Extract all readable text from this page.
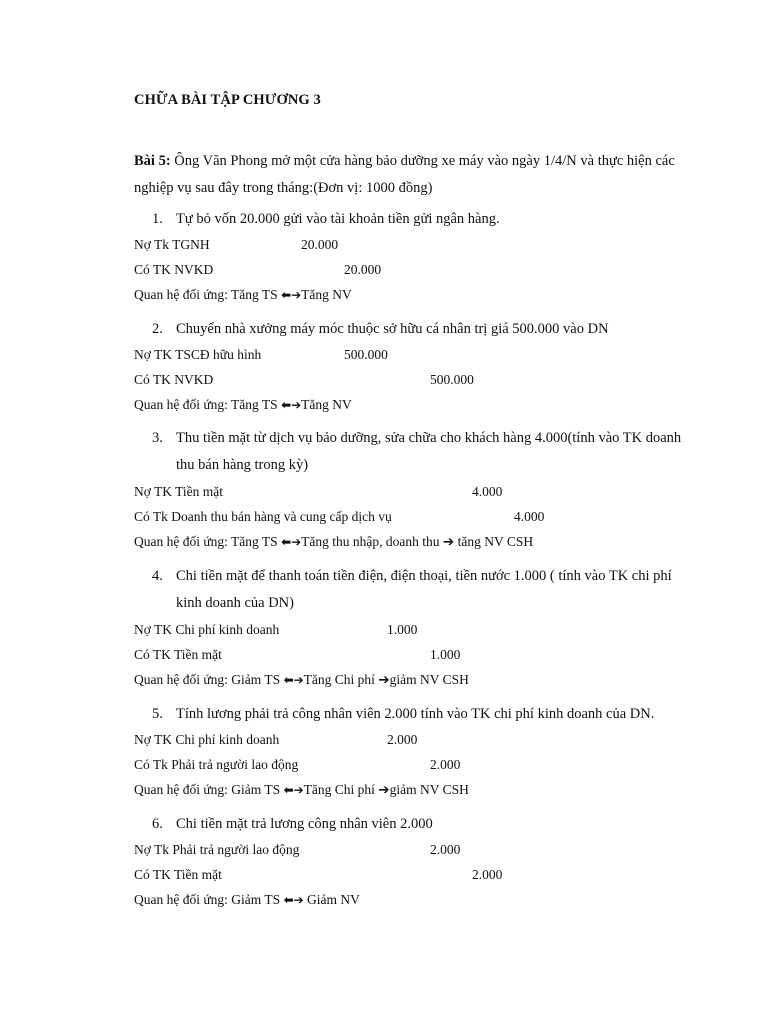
CHỮA BÀI TẬP CHƯƠNG 3
Bài 5: Ông Văn Phong mở một cửa hàng bảo dưỡng xe máy vào ngày 1/4/N và thực hiện các nghiệp vụ sau đây trong tháng:(Đơn vị: 1000 đồng)
1. Tự bỏ vốn 20.000 gửi vào tài khoản tiền gửi ngân hàng.
Nợ Tk TGNH	20.000
Có TK NVKD	20.000
Quan hệ đối ứng: Tăng TS ⬅➔Tăng NV
2. Chuyển nhà xưởng máy móc thuộc sở hữu cá nhân trị giá 500.000 vào DN
Nợ TK TSCĐ hữu hình	500.000
Có TK NVKD	500.000
Quan hệ đối ứng: Tăng TS ⬅➔Tăng NV
3. Thu tiền mặt từ dịch vụ bảo dưỡng, sửa chữa cho khách hàng 4.000(tính vào TK doanh thu bán hàng trong kỳ)
Nợ TK Tiền mặt	4.000
Có Tk Doanh thu bán hàng và cung cấp dịch vụ	4.000
Quan hệ đối ứng: Tăng TS ⬅➔Tăng thu nhập, doanh thu ➔ tăng NV CSH
4. Chi tiền mặt để thanh toán tiền điện, điện thoại, tiền nước 1.000 ( tính vào TK chi phí kinh doanh của DN)
Nợ TK Chi phí kinh doanh	1.000
Có TK Tiền mặt	1.000
Quan hệ đối ứng: Giảm TS ⬅➔Tăng Chi phí ➔giảm NV CSH
5. Tính lương phải trả công nhân viên 2.000 tính vào TK chi phí kinh doanh của DN.
Nợ TK Chi phí kinh doanh	2.000
Có Tk Phải trả người lao động	2.000
Quan hệ đối ứng: Giảm TS ⬅➔Tăng Chi phí ➔giảm NV CSH
6. Chi tiền mặt trả lương công nhân viên 2.000
Nợ Tk Phải trả người lao động	2.000
Có TK Tiền mặt	2.000
Quan hệ đối ứng: Giảm TS ⬅➔ Giảm NV
